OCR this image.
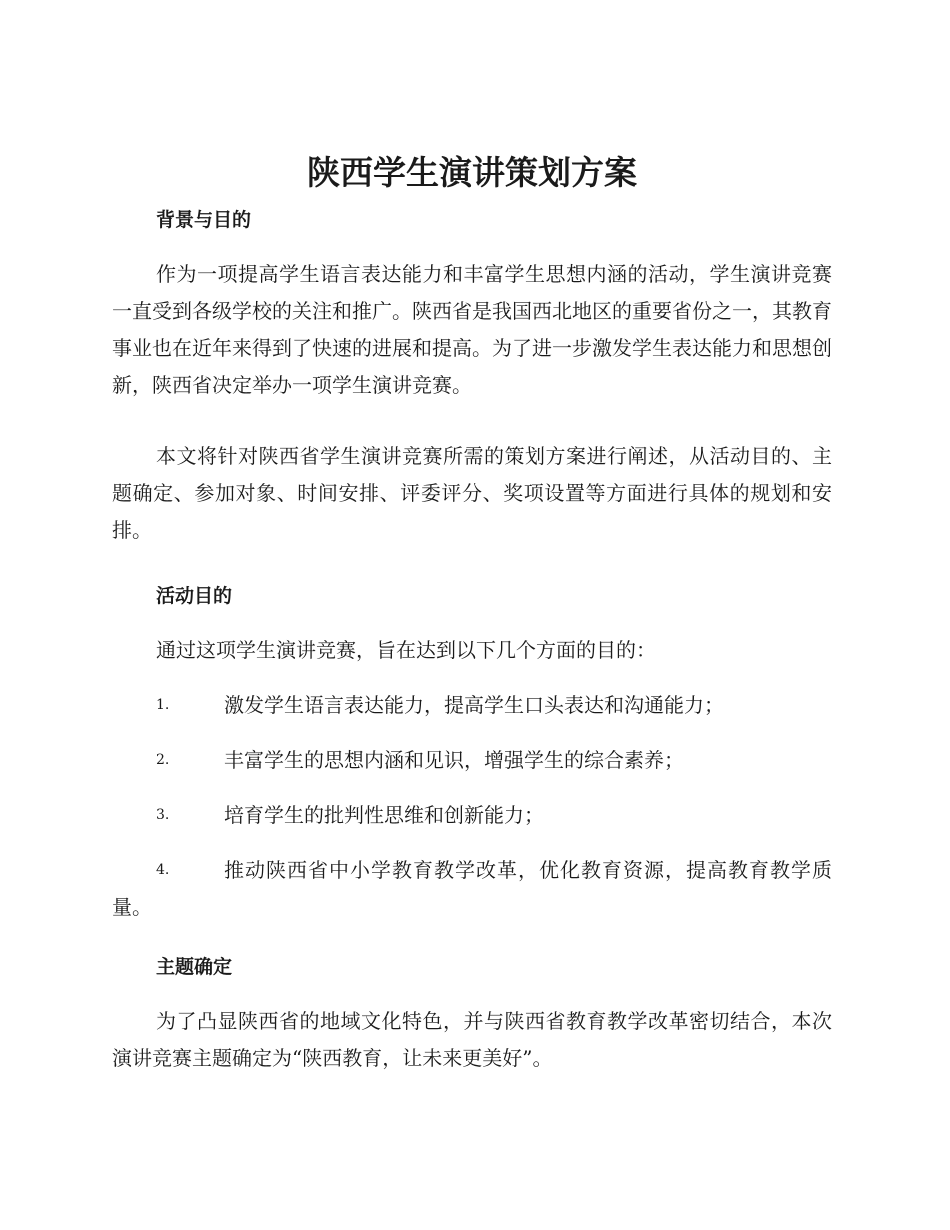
陕西学生演讲策划方案
背景与目的

作为一项提高学生语言表达能力和丰富学生思想内涵的活动，学生演讲竞赛一直受到各级学校的关注和推广。陕西省是我国西北地区的重要省份之一，其教育事业也在近年来得到了快速的进展和提高。为了进一步激发学生表达能力和思想创新，陕西省决定举办一项学生演讲竞赛。

本文将针对陕西省学生演讲竞赛所需的策划方案进行阐述，从活动目的、主题确定、参加对象、时间安排、评委评分、奖项设置等方面进行具体的规划和安排。

活动目的

通过这项学生演讲竞赛，旨在达到以下几个方面的目的：

1.	激发学生语言表达能力，提高学生口头表达和沟通能力；
2.	丰富学生的思想内涵和见识，增强学生的综合素养；
3.	培育学生的批判性思维和创新能力；
4.	推动陕西省中小学教育教学改革，优化教育资源，提高教育教学质量。
主题确定

为了凸显陕西省的地域文化特色，并与陕西省教育教学改革密切结合，本次演讲竞赛主题确定为“陕西教育，让未来更美好”。
